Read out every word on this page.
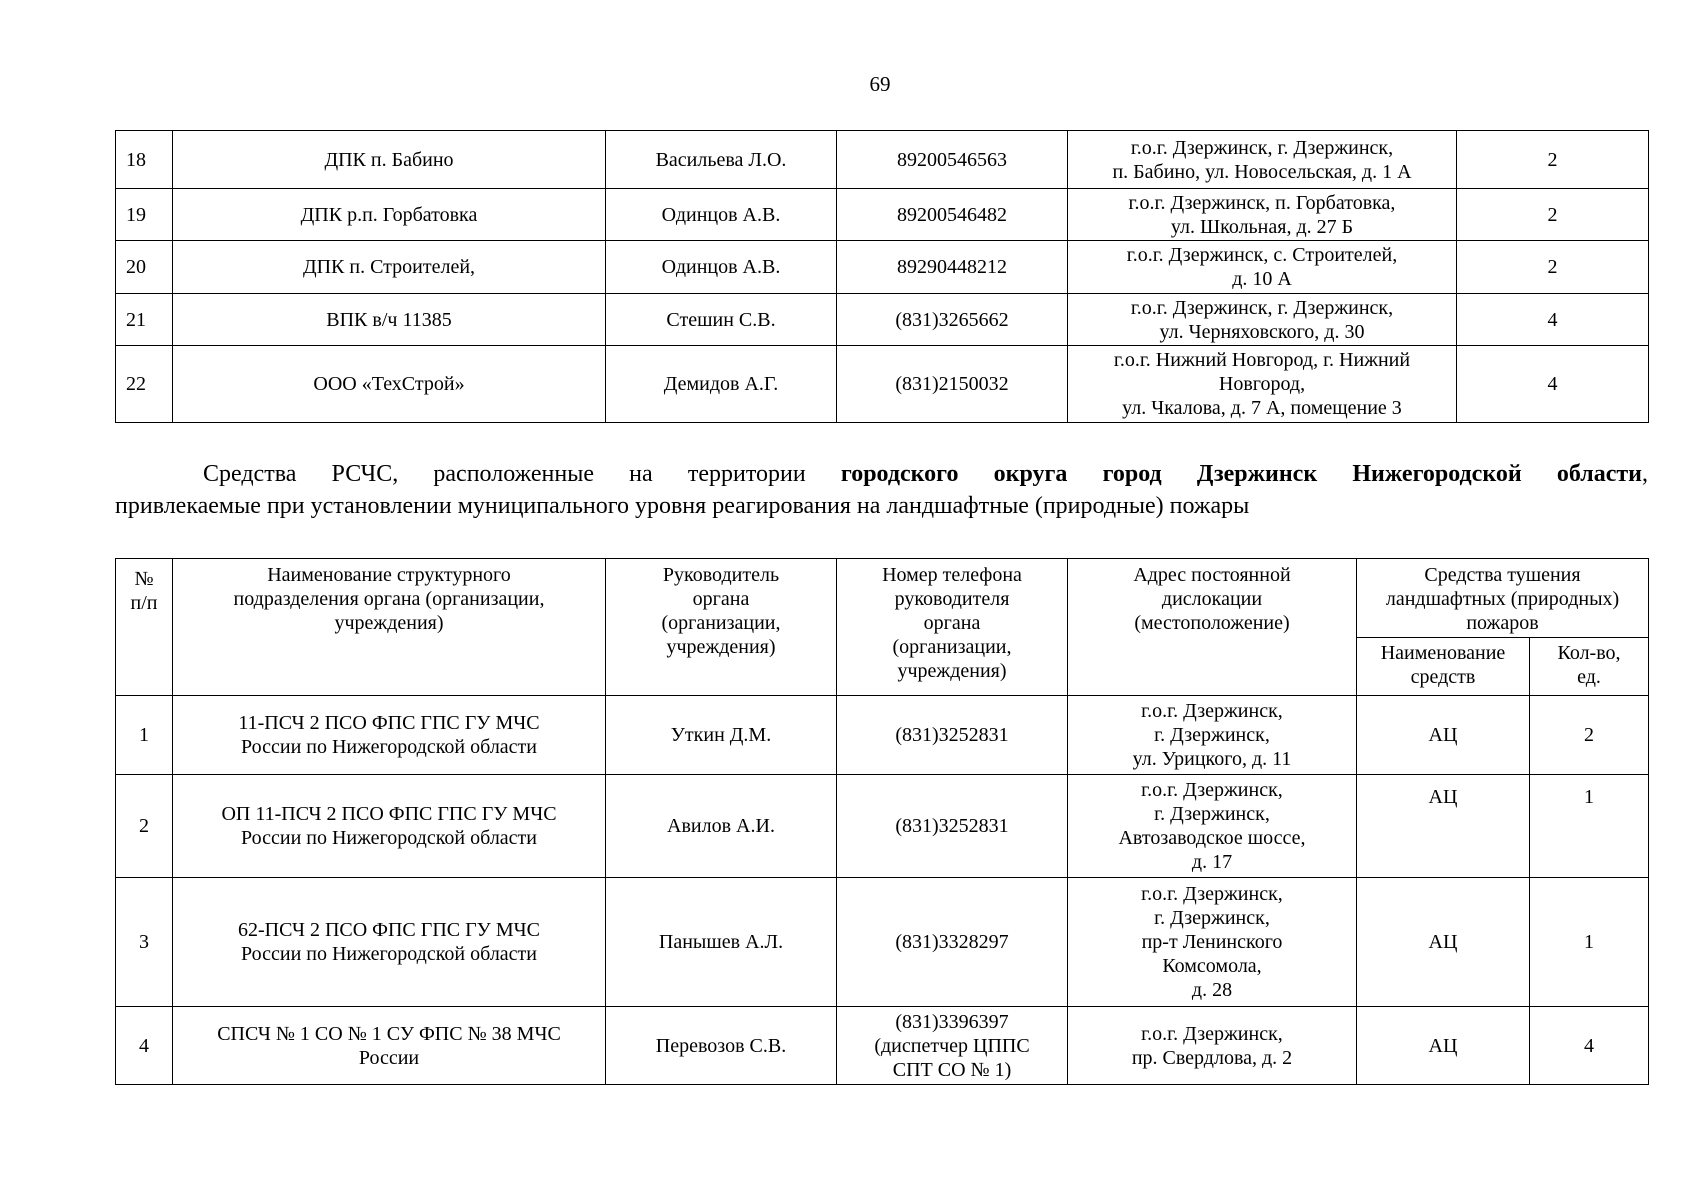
69
18	ДПК п. Бабино	Васильева Л.О.	89200546563	г.о.г. Дзержинск, г. Дзержинск,
п. Бабино, ул. Новосельская, д. 1 А	2
19	ДПК р.п. Горбатовка	Одинцов А.В.	89200546482	г.о.г. Дзержинск, п. Горбатовка,
ул. Школьная, д. 27 Б	2
20	ДПК п. Строителей,	Одинцов А.В.	89290448212	г.о.г. Дзержинск, с. Строителей,
д. 10 А	2
21	ВПК в/ч 11385	Стешин С.В.	(831)3265662	г.о.г. Дзержинск, г. Дзержинск,
ул. Черняховского, д. 30	4
22	ООО «ТехСтрой»	Демидов А.Г.	(831)2150032	г.о.г. Нижний Новгород, г. Нижний
Новгород,
ул. Чкалова, д. 7 А, помещение 3	4
Средства РСЧС, расположенные на территории городского округа город Дзержинск Нижегородской области,
привлекаемые при установлении муниципального уровня реагирования на ландшафтные (природные) пожары
№
п/п	Наименование структурного
подразделения органа (организации,
учреждения)	Руководитель
органа
(организации,
учреждения)	Номер телефона
руководителя
органа
(организации,
учреждения)	Адрес постоянной
дислокации
(местоположение)	Средства тушения
ландшафтных (природных)
пожаров	
					Наименование
средств	Кол-во,
ед.
1	11-ПСЧ 2 ПСО ФПС ГПС ГУ МЧС
России по Нижегородской области	Уткин Д.М.	(831)3252831	г.о.г. Дзержинск,
г. Дзержинск,
ул. Урицкого, д. 11	АЦ	2
2	ОП 11-ПСЧ 2 ПСО ФПС ГПС ГУ МЧС
России по Нижегородской области	Авилов А.И.	(831)3252831	г.о.г. Дзержинск,
г. Дзержинск,
Автозаводское шоссе,
д. 17	АЦ	1
3	62-ПСЧ 2 ПСО ФПС ГПС ГУ МЧС
России по Нижегородской области	Панышев А.Л.	(831)3328297	г.о.г. Дзержинск,
г. Дзержинск,
пр-т Ленинского
Комсомола,
д. 28	АЦ	1
4	СПСЧ № 1 СО № 1 СУ ФПС № 38 МЧС
России	Перевозов С.В.	(831)3396397
(диспетчер ЦППС
СПТ СО № 1)	г.о.г. Дзержинск,
пр. Свердлова, д. 2	АЦ	4
